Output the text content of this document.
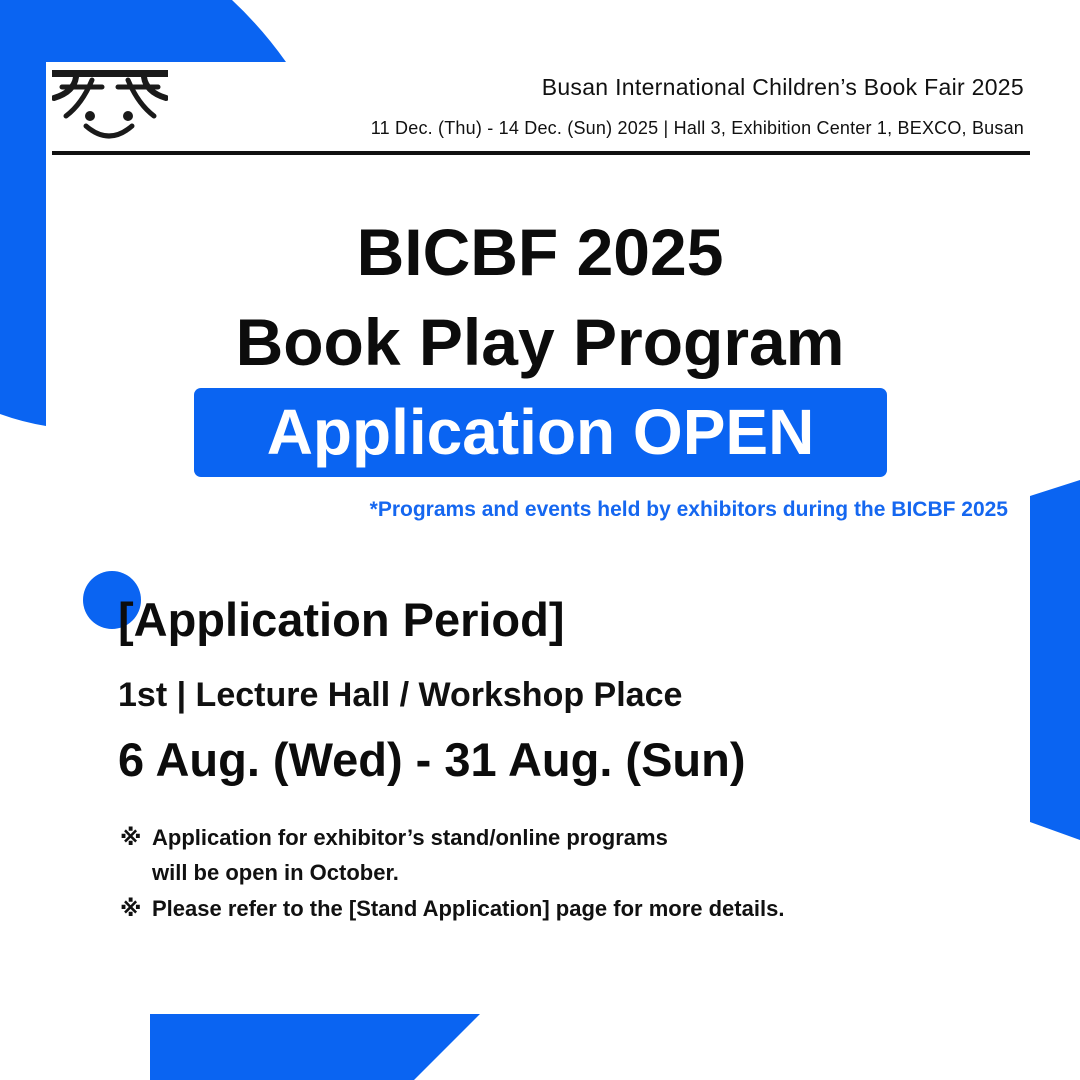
Busan International Children’s Book Fair 2025
11 Dec. (Thu) - 14 Dec. (Sun) 2025 | Hall 3, Exhibition Center 1, BEXCO, Busan
BICBF 2025
Book Play Program
Application OPEN
*Programs and events held by exhibitors during the BICBF 2025
[Application Period]
1st | Lecture Hall / Workshop Place
6 Aug. (Wed) - 31 Aug. (Sun)
※ Application for exhibitor’s stand/online programs
will be open in October.
※ Please refer to the [Stand Application] page for more details.
